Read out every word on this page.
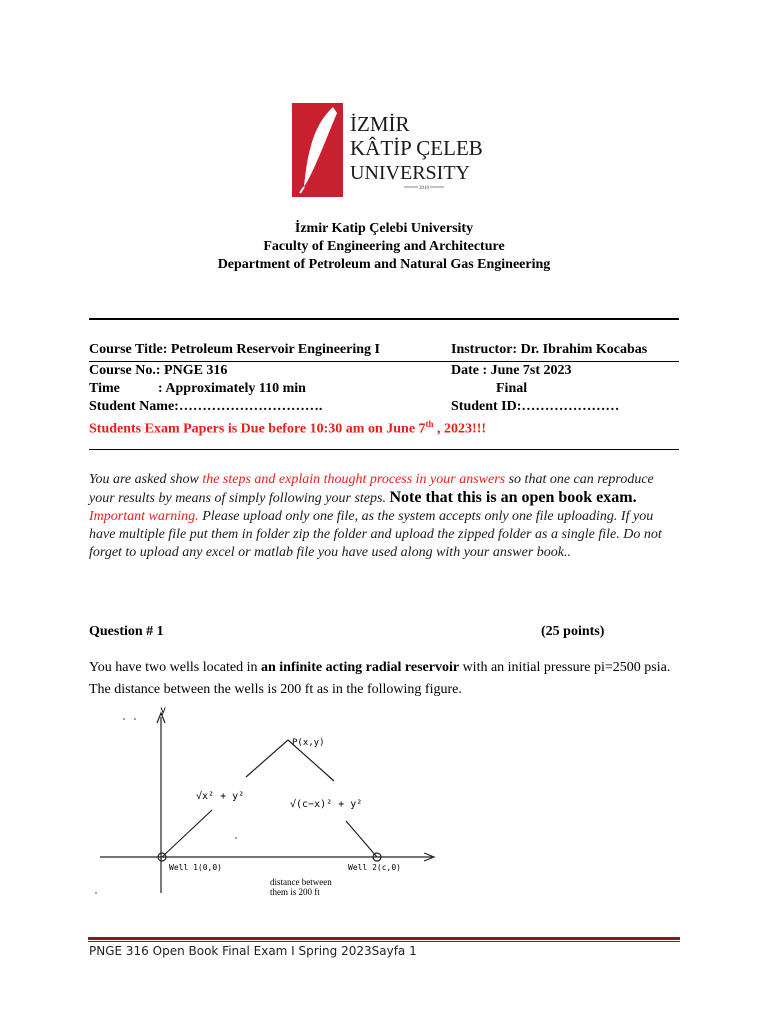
İZMİR
KÂTİP ÇELEBİ
UNIVERSITY
2010
İzmir Katip Çelebi University
Faculty of Engineering and Architecture
Department of Petroleum and Natural Gas Engineering
Course Title: Petroleum Reservoir Engineering I	Instructor: Dr. Ibrahim Kocabas
Course No.: PNGE 316	Date : June 7st 2023
Time	: Approximately 110 min	Final
Student Name:………………………….	Student ID:…………………
Students Exam Papers is Due before 10:30 am on June 7th , 2023!!!
You are asked show the steps and explain thought process in your answers so that one can reproduce your results by means of simply following your steps. Note that this is an open book exam. Important warning. Please upload only one file, as the system accepts only one file uploading. If you have multiple file put them in folder zip the folder and upload the zipped folder as a single file. Do not forget to upload any excel or matlab file you have used along with your answer book..
Question # 1	(25 points)
You have two wells located in an infinite acting radial reservoir with an initial pressure pi=2500 psia. The distance between the wells is 200 ft as in the following figure.
y
P(x,y)
√x² + y²
√(c−x)² + y²
Well 1(0,0)	Well 2(c,0)
distance between
them is 200 ft
PNGE 316 Open Book Final Exam I Spring 2023Sayfa 1
